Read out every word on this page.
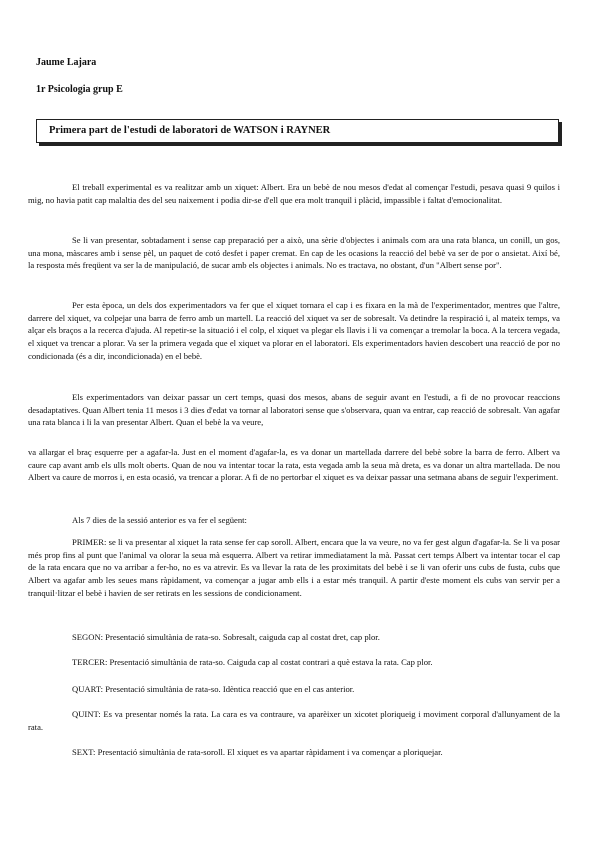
Jaume Lajara
1r Psicologia grup E
Primera part de l'estudi de laboratori de WATSON i RAYNER

El treball experimental es va realitzar amb un xiquet: Albert. Era un bebè de nou mesos d'edat al començar l'estudi, pesava quasi 9 quilos i mig, no havia patit cap malaltia des del seu naixement i podia dir-se d'ell que era molt tranquil i plàcid, impassible i faltat d'emocionalitat.

Se li van presentar, sobtadament i sense cap preparació per a això, una sèrie d'objectes i animals com ara una rata blanca, un conill, un gos, una mona, màscares amb i sense pèl, un paquet de cotó desfet i paper cremat. En cap de les ocasions la reacció del bebè va ser de por o ansietat. Així bé, la resposta més freqüent va ser la de manipulació, de sucar amb els objectes i animals. No es tractava, no obstant, d'un "Albert sense por".

Per esta època, un dels dos experimentadors va fer que el xiquet tornara el cap i es fixara en la mà de l'experimentador, mentres que l'altre, darrere del xiquet, va colpejar una barra de ferro amb un martell. La reacció del xiquet va ser de sobresalt. Va detindre la respiració i, al mateix temps, va alçar els braços a la recerca d'ajuda. Al repetir-se la situació i el colp, el xiquet va plegar els llavis i li va començar a tremolar la boca. A la tercera vegada, el xiquet va trencar a plorar. Va ser la primera vegada que el xiquet va plorar en el laboratori. Els experimentadors havien descobert una reacció de por no condicionada (és a dir, incondicionada) en el bebè.

Els experimentadors van deixar passar un cert temps, quasi dos mesos, abans de seguir avant en l'estudi, a fi de no provocar reaccions desadaptatives. Quan Albert tenia 11 mesos i 3 dies d'edat va tornar al laboratori sense que s'observara, quan va entrar, cap reacció de sobresalt. Van agafar una rata blanca i li la van presentar Albert. Quan el bebè la va veure,

va allargar el braç esquerre per a agafar-la. Just en el moment d'agafar-la, es va donar un martellada darrere del bebè sobre la barra de ferro. Albert va caure cap avant amb els ulls molt oberts. Quan de nou va intentar tocar la rata, esta vegada amb la seua mà dreta, es va donar un altra martellada. De nou Albert va caure de morros i, en esta ocasió, va trencar a plorar. A fi de no pertorbar el xiquet es va deixar passar una setmana abans de seguir l'experiment.

Als 7 dies de la sessió anterior es va fer el següent:

PRIMER: se li va presentar al xiquet la rata sense fer cap soroll. Albert, encara que la va veure, no va fer gest algun d'agafar-la. Se li va posar més prop fins al punt que l'animal va olorar la seua mà esquerra. Albert va retirar immediatament la mà. Passat cert temps Albert va intentar tocar el cap de la rata encara que no va arribar a fer-ho, no es va atrevir. Es va llevar la rata de les proximitats del bebè i se li van oferir uns cubs de fusta, cubs que Albert va agafar amb les seues mans ràpidament, va començar a jugar amb ells i a estar més tranquil. A partir d'este moment els cubs van servir per a tranquil·litzar el bebè i havien de ser retirats en les sessions de condicionament.

SEGON: Presentació simultània de rata-so. Sobresalt, caiguda cap al costat dret, cap plor.

TERCER: Presentació simultània de rata-so. Caiguda cap al costat contrari a què estava la rata. Cap plor.

QUART: Presentació simultània de rata-so. Idèntica reacció que en el cas anterior.

QUINT: Es va presentar només la rata. La cara es va contraure, va aparèixer un xicotet ploriqueig i moviment corporal d'allunyament de la rata.

SEXT: Presentació simultània de rata-soroll. El xiquet es va apartar ràpidament i va començar a ploriquejar.
